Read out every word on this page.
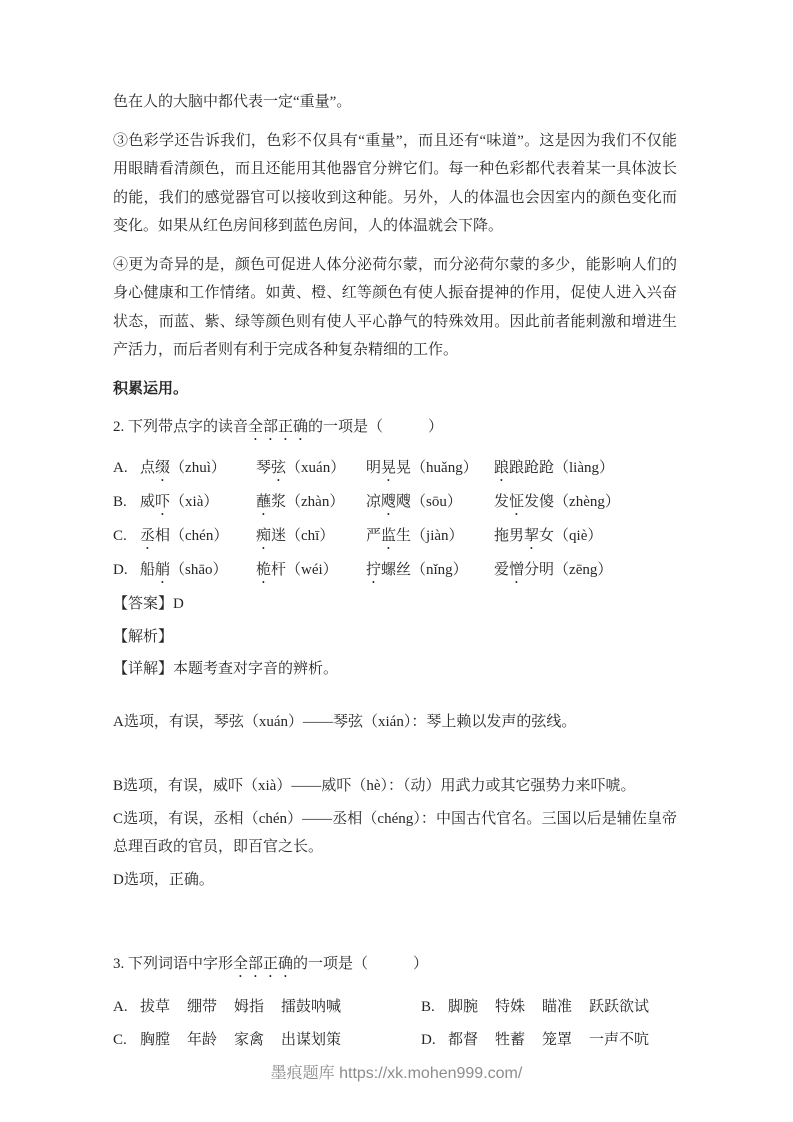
色在人的大脑中都代表一定“重量”。

③色彩学还告诉我们，色彩不仅具有“重量”，而且还有“味道”。这是因为我们不仅能用眼睛看清颜色，而且还能用其他器官分辨它们。每一种色彩都代表着某一具体波长的能，我们的感觉器官可以接收到这种能。另外，人的体温也会因室内的颜色变化而变化。如果从红色房间移到蓝色房间，人的体温就会下降。

④更为奇异的是，颜色可促进人体分泌荷尔蒙，而分泌荷尔蒙的多少，能影响人们的身心健康和工作情绪。如黄、橙、红等颜色有使人振奋提神的作用，促使人进入兴奋状态，而蓝、紫、绿等颜色则有使人平心静气的特殊效用。因此前者能刺激和增进生产活力，而后者则有利于完成各种复杂精细的工作。

积累运用。

2. 下列带点字的读音全部正确的一项是（            ）

A. 点缀（zhuì）	琴弦（xuán）	明晃晃（huǎng）	踉踉跄跄（liàng）
B. 威吓（xià）	蘸浆（zhàn）	凉飕飕（sōu）	发怔发傻（zhèng）
C. 丞相（chén）	痴迷（chī）	严监生（jiàn）	拖男挈女（qiè）
D. 船艄（shāo）	桅杆（wéi）	拧螺丝（nǐng）	爱憎分明（zēng）

【答案】D

【解析】

【详解】本题考查对字音的辨析。

A选项，有误，琴弦（xuán）——琴弦（xián）：琴上赖以发声的弦线。

B选项，有误，威吓（xià）——威吓（hè）：（动）用武力或其它强势力来吓唬。

C选项，有误，丞相（chén）——丞相（chéng）：中国古代官名。三国以后是辅佐皇帝总理百政的官员，即百官之长。

D选项，正确。

3. 下列词语中字形全部正确的一项是（            ）

A. 拔草 绷带 姆指 擂鼓呐喊	B. 脚腕 特姝 瞄准 跃跃欲试
C. 胸膛 年龄 家禽 出谋划策	D. 都督 牲蓄 笼罩 一声不吭
墨痕题库 https://xk.mohen999.com/
